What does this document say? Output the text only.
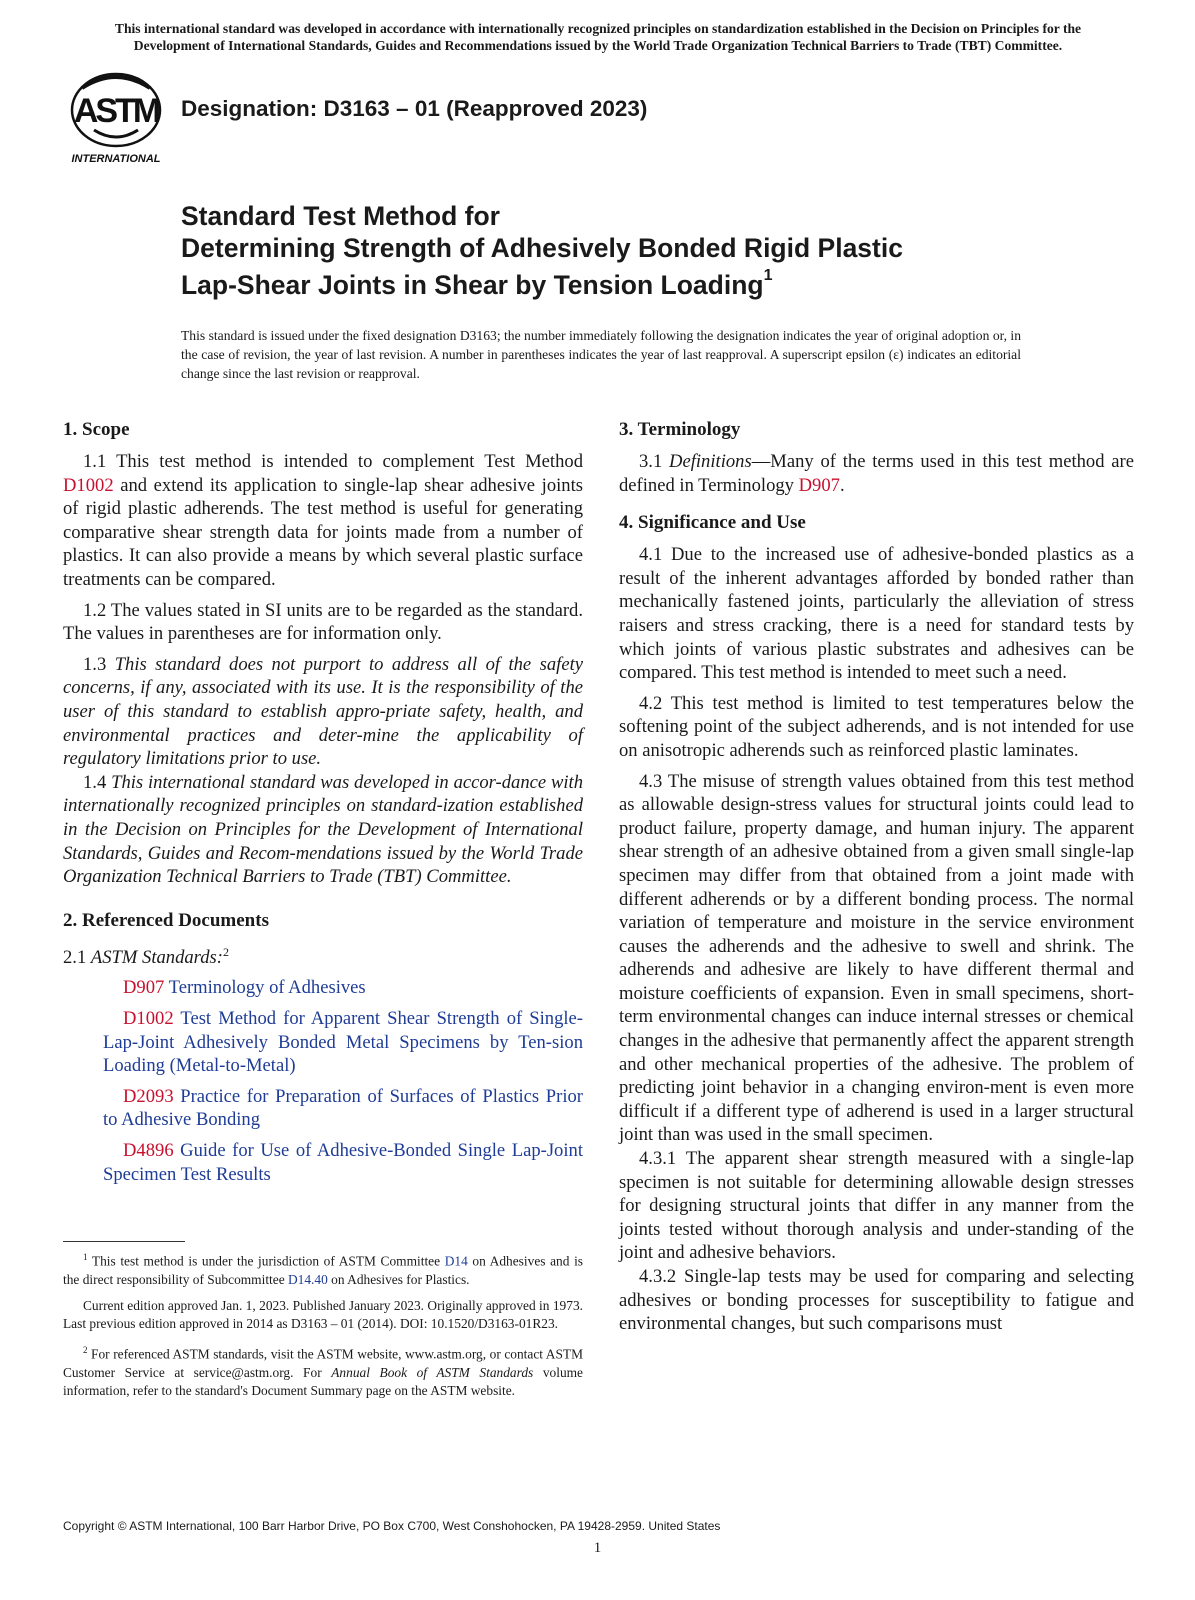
This international standard was developed in accordance with internationally recognized principles on standardization established in the Decision on Principles for the
Development of International Standards, Guides and Recommendations issued by the World Trade Organization Technical Barriers to Trade (TBT) Committee.
ASTM
INTERNATIONAL
Designation: D3163 – 01 (Reapproved 2023)
Standard Test Method for
Determining Strength of Adhesively Bonded Rigid Plastic
Lap-Shear Joints in Shear by Tension Loading$^1$
This standard is issued under the fixed designation D3163; the number immediately following the designation indicates the year of original adoption or, in the case of revision, the year of last revision. A number in parentheses indicates the year of last reapproval. A superscript epsilon (ε) indicates an editorial change since the last revision or reapproval.
1. Scope

1.1 This test method is intended to complement Test Method D1002 and extend its application to single-lap shear adhesive joints of rigid plastic adherends. The test method is useful for generating comparative shear strength data for joints made from a number of plastics. It can also provide a means by which several plastic surface treatments can be compared.

1.2 The values stated in SI units are to be regarded as the standard. The values in parentheses are for information only.

1.3 This standard does not purport to address all of the safety concerns, if any, associated with its use. It is the responsibility of the user of this standard to establish appro-priate safety, health, and environmental practices and deter-mine the applicability of regulatory limitations prior to use.

1.4 This international standard was developed in accor-dance with internationally recognized principles on standard-ization established in the Decision on Principles for the Development of International Standards, Guides and Recom-mendations issued by the World Trade Organization Technical Barriers to Trade (TBT) Committee.

2. Referenced Documents

2.1 ASTM Standards:$^2$

D907 Terminology of Adhesives

D1002 Test Method for Apparent Shear Strength of Single-Lap-Joint Adhesively Bonded Metal Specimens by Ten-sion Loading (Metal-to-Metal)

D2093 Practice for Preparation of Surfaces of Plastics Prior to Adhesive Bonding

D4896 Guide for Use of Adhesive-Bonded Single Lap-Joint Specimen Test Results

$^1$ This test method is under the jurisdiction of ASTM Committee D14 on Adhesives and is the direct responsibility of Subcommittee D14.40 on Adhesives for Plastics.

Current edition approved Jan. 1, 2023. Published January 2023. Originally approved in 1973. Last previous edition approved in 2014 as D3163 – 01 (2014). DOI: 10.1520/D3163-01R23.

$^2$ For referenced ASTM standards, visit the ASTM website, www.astm.org, or contact ASTM Customer Service at service@astm.org. For Annual Book of ASTM Standards volume information, refer to the standard's Document Summary page on the ASTM website.

3. Terminology

3.1 Definitions—Many of the terms used in this test method are defined in Terminology D907.

4. Significance and Use

4.1 Due to the increased use of adhesive-bonded plastics as a result of the inherent advantages afforded by bonded rather than mechanically fastened joints, particularly the alleviation of stress raisers and stress cracking, there is a need for standard tests by which joints of various plastic substrates and adhesives can be compared. This test method is intended to meet such a need.

4.2 This test method is limited to test temperatures below the softening point of the subject adherends, and is not intended for use on anisotropic adherends such as reinforced plastic laminates.

4.3 The misuse of strength values obtained from this test method as allowable design-stress values for structural joints could lead to product failure, property damage, and human injury. The apparent shear strength of an adhesive obtained from a given small single-lap specimen may differ from that obtained from a joint made with different adherends or by a different bonding process. The normal variation of temperature and moisture in the service environment causes the adherends and the adhesive to swell and shrink. The adherends and adhesive are likely to have different thermal and moisture coefficients of expansion. Even in small specimens, short-term environmental changes can induce internal stresses or chemical changes in the adhesive that permanently affect the apparent strength and other mechanical properties of the adhesive. The problem of predicting joint behavior in a changing environ-ment is even more difficult if a different type of adherend is used in a larger structural joint than was used in the small specimen.

4.3.1 The apparent shear strength measured with a single-lap specimen is not suitable for determining allowable design stresses for designing structural joints that differ in any manner from the joints tested without thorough analysis and under-standing of the joint and adhesive behaviors.

4.3.2 Single-lap tests may be used for comparing and selecting adhesives or bonding processes for susceptibility to fatigue and environmental changes, but such comparisons must

Copyright © ASTM International, 100 Barr Harbor Drive, PO Box C700, West Conshohocken, PA 19428-2959. United States
1
